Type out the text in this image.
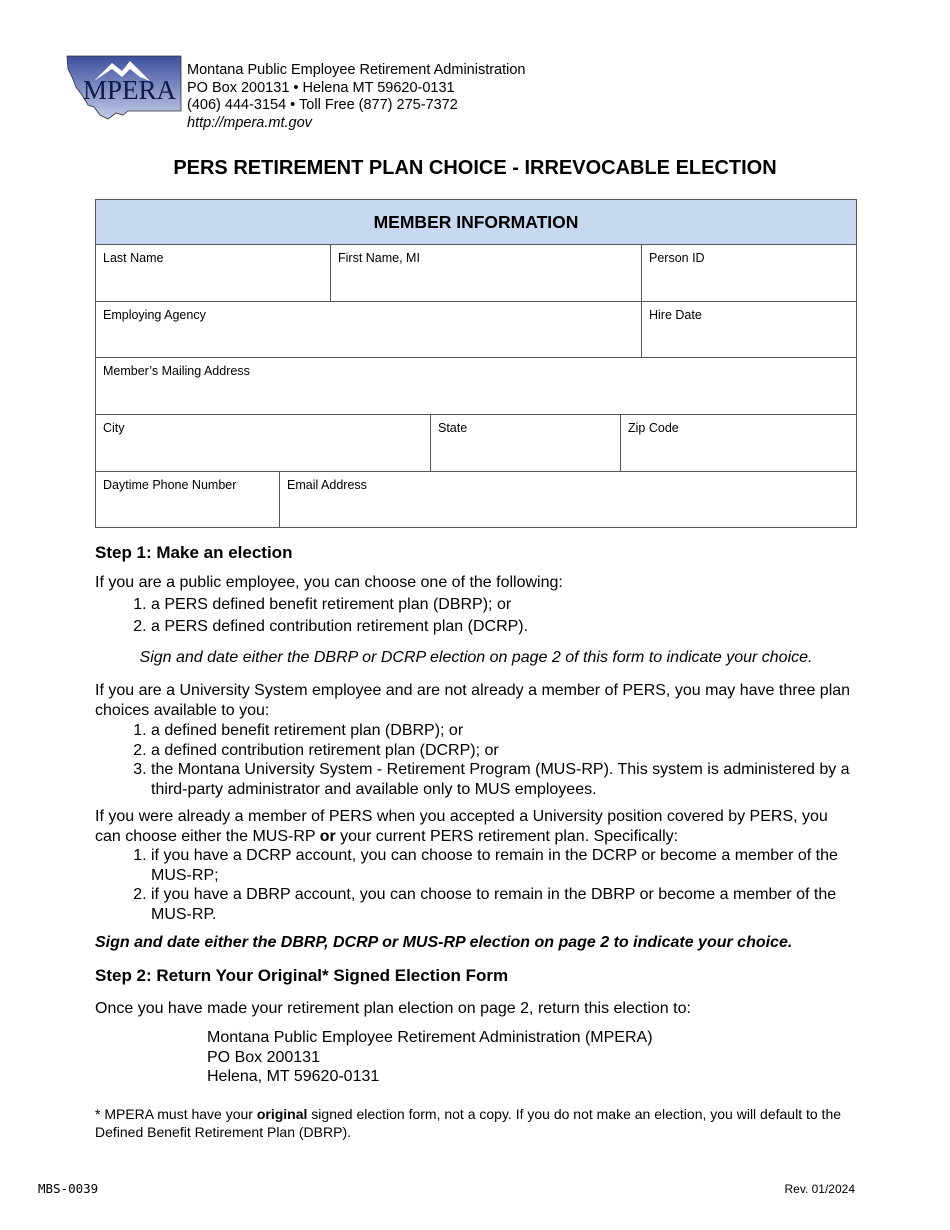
MPERA
Montana Public Employee Retirement Administration
PO Box 200131 • Helena MT 59620-0131
(406) 444-3154 • Toll Free (877) 275-7372
http://mpera.mt.gov
PERS RETIREMENT PLAN CHOICE - IRREVOCABLE ELECTION
MEMBER INFORMATION					
Last Name		First Name, MI			Person ID
Employing Agency					Hire Date
Member’s Mailing Address					
City			State	Zip Code	
Daytime Phone Number	Email Address				
Step 1: Make an election

If you are a public employee, you can choose one of the following:

1. a PERS defined benefit retirement plan (DBRP); or
2. a PERS defined contribution retirement plan (DCRP).

Sign and date either the DBRP or DCRP election on page 2 of this form to indicate your choice.

If you are a University System employee and are not already a member of PERS, you may have three plan choices available to you:

1. a defined benefit retirement plan (DBRP); or
2. a defined contribution retirement plan (DCRP); or
3. the Montana University System - Retirement Program (MUS-RP). This system is administered by a third-party administrator and available only to MUS employees.

If you were already a member of PERS when you accepted a University position covered by PERS, you can choose either the MUS-RP or your current PERS retirement plan. Specifically:

1. if you have a DCRP account, you can choose to remain in the DCRP or become a member of the MUS-RP;
2. if you have a DBRP account, you can choose to remain in the DBRP or become a member of the MUS-RP.

Sign and date either the DBRP, DCRP or MUS-RP election on page 2 to indicate your choice.

Step 2: Return Your Original* Signed Election Form

Once you have made your retirement plan election on page 2, return this election to:

Montana Public Employee Retirement Administration (MPERA)
PO Box 200131
Helena, MT 59620-0131

* MPERA must have your original signed election form, not a copy. If you do not make an election, you will default to the Defined Benefit Retirement Plan (DBRP).

MBS-0039	Rev. 01/2024
